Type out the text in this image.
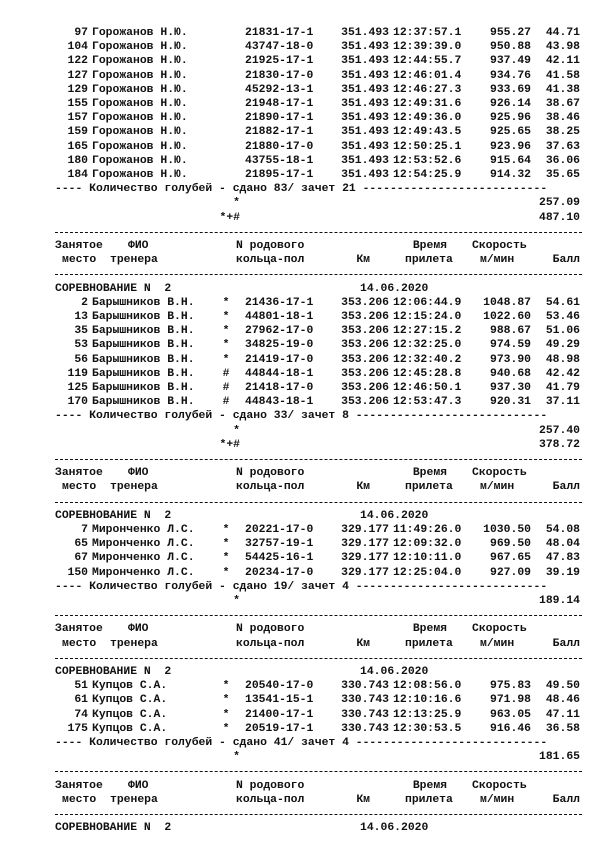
97 Горожанов Н.Ю.	21831-17-1	351.493 12:37:57.1	955.27	44.71
104 Горожанов Н.Ю.	43747-18-0	351.493 12:39:39.0	950.88	43.98
122 Горожанов Н.Ю.	21925-17-1	351.493 12:44:55.7	937.49	42.11
127 Горожанов Н.Ю.	21830-17-0	351.493 12:46:01.4	934.76	41.58
129 Горожанов Н.Ю.	45292-13-1	351.493 12:46:27.3	933.69	41.38
155 Горожанов Н.Ю.	21948-17-1	351.493 12:49:31.6	926.14	38.67
157 Горожанов Н.Ю.	21890-17-1	351.493 12:49:36.0	925.96	38.46
159 Горожанов Н.Ю.	21882-17-1	351.493 12:49:43.5	925.65	38.25
165 Горожанов Н.Ю.	21880-17-0	351.493 12:50:25.1	923.96	37.63
180 Горожанов Н.Ю.	43755-18-1	351.493 12:53:52.6	915.64	36.06
184 Горожанов Н.Ю.	21895-17-1	351.493 12:54:25.9	914.32	35.65
---- Количество голубей - сдано 83/ зачет 21 ---------------------------
*	257.09
*+#	487.10
Занятое ФИО	N родового	Время Скорость
место тренера	кольца-пол	Км	прилета м/мин	Балл
СОРЕВНОВАНИЕ N  2	14.06.2020
2 Барышников В.Н.	*	21436-17-1	353.206 12:06:44.9	1048.87	54.61
13 Барышников В.Н.	*	44801-18-1	353.206 12:15:24.0	1022.60	53.46
35 Барышников В.Н.	*	27962-17-0	353.206 12:27:15.2	988.67	51.06
53 Барышников В.Н.	*	34825-19-0	353.206 12:32:25.0	974.59	49.29
56 Барышников В.Н.	*	21419-17-0	353.206 12:32:40.2	973.90	48.98
119 Барышников В.Н.	#	44844-18-1	353.206 12:45:28.8	940.68	42.42
125 Барышников В.Н.	#	21418-17-0	353.206 12:46:50.1	937.30	41.79
170 Барышников В.Н.	#	44843-18-1	353.206 12:53:47.3	920.31	37.11
---- Количество голубей - сдано 33/ зачет 8 ----------------------------
*	257.40
*+#	378.72
Занятое ФИО	N родового	Время Скорость
место тренера	кольца-пол	Км	прилета м/мин	Балл
СОРЕВНОВАНИЕ N  2	14.06.2020
7 Миронченко Л.С.	*	20221-17-0	329.177 11:49:26.0	1030.50	54.08
65 Миронченко Л.С.	*	32757-19-1	329.177 12:09:32.0	969.50	48.04
67 Миронченко Л.С.	*	54425-16-1	329.177 12:10:11.0	967.65	47.83
150 Миронченко Л.С.	*	20234-17-0	329.177 12:25:04.0	927.09	39.19
---- Количество голубей - сдано 19/ зачет 4 ----------------------------
*	189.14
Занятое ФИО	N родового	Время Скорость
место тренера	кольца-пол	Км	прилета м/мин	Балл
СОРЕВНОВАНИЕ N  2	14.06.2020
51 Купцов С.А.	*	20540-17-0	330.743 12:08:56.0	975.83	49.50
61 Купцов С.А.	*	13541-15-1	330.743 12:10:16.6	971.98	48.46
74 Купцов С.А.	*	21400-17-1	330.743 12:13:25.9	963.05	47.11
175 Купцов С.А.	*	20519-17-1	330.743 12:30:53.5	916.46	36.58
---- Количество голубей - сдано 41/ зачет 4 ----------------------------
*	181.65
Занятое ФИО	N родового	Время Скорость
место тренера	кольца-пол	Км	прилета м/мин	Балл
СОРЕВНОВАНИЕ N  2	14.06.2020
